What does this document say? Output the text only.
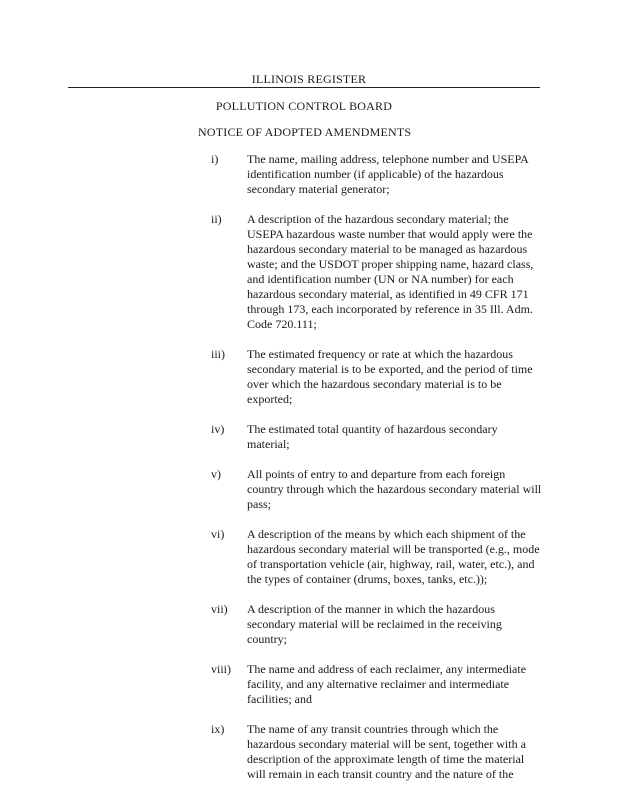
ILLINOIS REGISTER
POLLUTION CONTROL BOARD
NOTICE OF ADOPTED AMENDMENTS
i) The name, mailing address, telephone number and USEPA identification number (if applicable) of the hazardous secondary material generator;
ii) A description of the hazardous secondary material; the USEPA hazardous waste number that would apply were the hazardous secondary material to be managed as hazardous waste; and the USDOT proper shipping name, hazard class, and identification number (UN or NA number) for each hazardous secondary material, as identified in 49 CFR 171 through 173, each incorporated by reference in 35 Ill. Adm. Code 720.111;
iii) The estimated frequency or rate at which the hazardous secondary material is to be exported, and the period of time over which the hazardous secondary material is to be exported;
iv) The estimated total quantity of hazardous secondary material;
v) All points of entry to and departure from each foreign country through which the hazardous secondary material will pass;
vi) A description of the means by which each shipment of the hazardous secondary material will be transported (e.g., mode of transportation vehicle (air, highway, rail, water, etc.), and the types of container (drums, boxes, tanks, etc.));
vii) A description of the manner in which the hazardous secondary material will be reclaimed in the receiving country;
viii) The name and address of each reclaimer, any intermediate facility, and any alternative reclaimer and intermediate facilities; and
ix) The name of any transit countries through which the hazardous secondary material will be sent, together with a description of the approximate length of time the material will remain in each transit country and the nature of the
